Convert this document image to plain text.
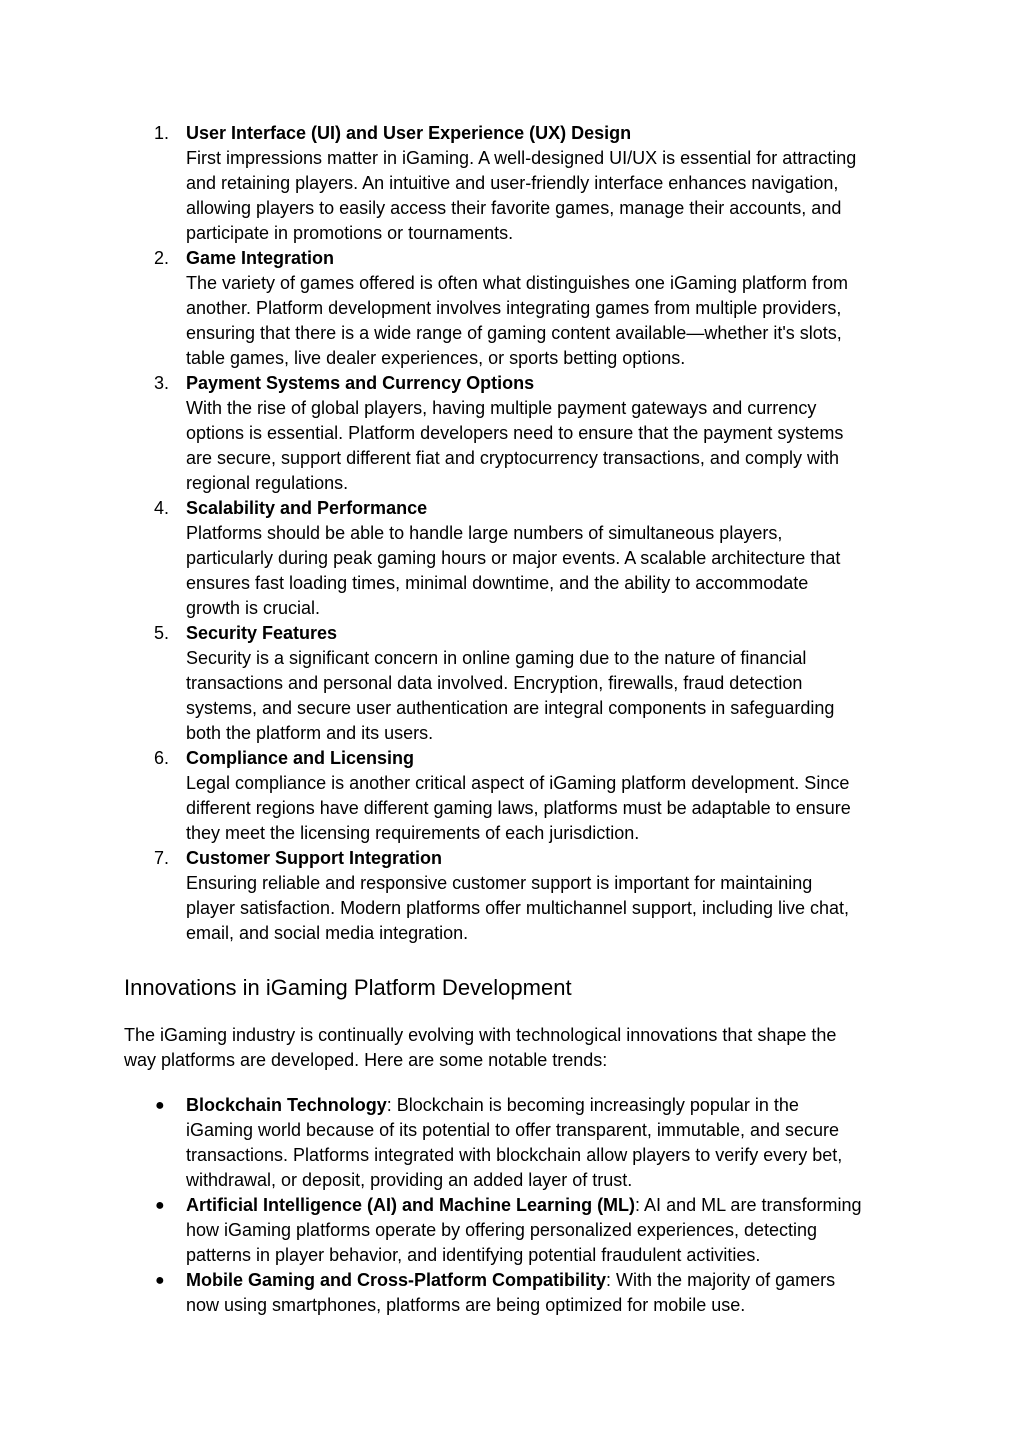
1. User Interface (UI) and User Experience (UX) Design
First impressions matter in iGaming. A well-designed UI/UX is essential for attracting
and retaining players. An intuitive and user-friendly interface enhances navigation,
allowing players to easily access their favorite games, manage their accounts, and
participate in promotions or tournaments.
2. Game Integration
The variety of games offered is often what distinguishes one iGaming platform from
another. Platform development involves integrating games from multiple providers,
ensuring that there is a wide range of gaming content available—whether it's slots,
table games, live dealer experiences, or sports betting options.
3. Payment Systems and Currency Options
With the rise of global players, having multiple payment gateways and currency
options is essential. Platform developers need to ensure that the payment systems
are secure, support different fiat and cryptocurrency transactions, and comply with
regional regulations.
4. Scalability and Performance
Platforms should be able to handle large numbers of simultaneous players,
particularly during peak gaming hours or major events. A scalable architecture that
ensures fast loading times, minimal downtime, and the ability to accommodate
growth is crucial.
5. Security Features
Security is a significant concern in online gaming due to the nature of financial
transactions and personal data involved. Encryption, firewalls, fraud detection
systems, and secure user authentication are integral components in safeguarding
both the platform and its users.
6. Compliance and Licensing
Legal compliance is another critical aspect of iGaming platform development. Since
different regions have different gaming laws, platforms must be adaptable to ensure
they meet the licensing requirements of each jurisdiction.
7. Customer Support Integration
Ensuring reliable and responsive customer support is important for maintaining
player satisfaction. Modern platforms offer multichannel support, including live chat,
email, and social media integration.
Innovations in iGaming Platform Development

The iGaming industry is continually evolving with technological innovations that shape the
way platforms are developed. Here are some notable trends:

● Blockchain Technology: Blockchain is becoming increasingly popular in the
iGaming world because of its potential to offer transparent, immutable, and secure
transactions. Platforms integrated with blockchain allow players to verify every bet,
withdrawal, or deposit, providing an added layer of trust.
● Artificial Intelligence (AI) and Machine Learning (ML): AI and ML are transforming
how iGaming platforms operate by offering personalized experiences, detecting
patterns in player behavior, and identifying potential fraudulent activities.
● Mobile Gaming and Cross-Platform Compatibility: With the majority of gamers
now using smartphones, platforms are being optimized for mobile use.
